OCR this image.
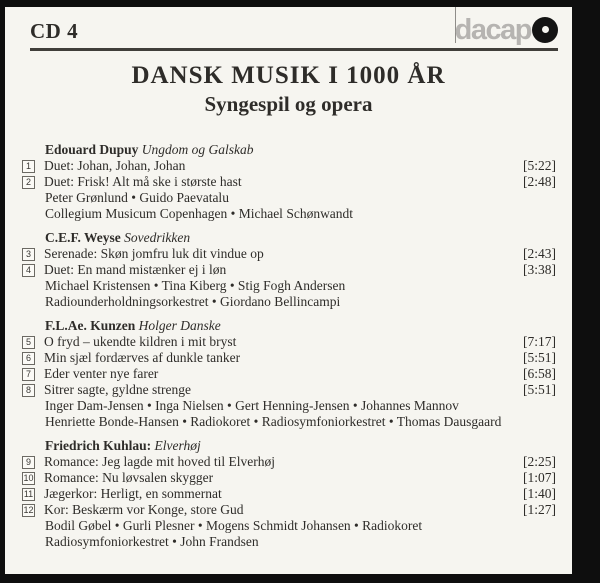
CD 4	dacap
DANSK MUSIK I 1000 ÅR
Syngespil og opera
Edouard Dupuy Ungdom og Galskab
1 Duet: Johan, Johan, Johan	[5:22]
2 Duet: Frisk! Alt må ske i største hast	[2:48]
Peter Grønlund • Guido Paevatalu
Collegium Musicum Copenhagen • Michael Schønwandt
C.E.F. Weyse Sovedrikken
3 Serenade: Skøn jomfru luk dit vindue op	[2:43]
4 Duet: En mand mistænker ej i løn	[3:38]
Michael Kristensen • Tina Kiberg • Stig Fogh Andersen
Radiounderholdningsorkestret • Giordano Bellincampi
F.L.Ae. Kunzen Holger Danske
5 O fryd – ukendte kildren i mit bryst	[7:17]
6 Min sjæl fordærves af dunkle tanker	[5:51]
7 Eder venter nye farer	[6:58]
8 Sitrer sagte, gyldne strenge	[5:51]
Inger Dam-Jensen • Inga Nielsen • Gert Henning-Jensen • Johannes Mannov
Henriette Bonde-Hansen • Radiokoret • Radiosymfoniorkestret • Thomas Dausgaard
Friedrich Kuhlau: Elverhøj
9 Romance: Jeg lagde mit hoved til Elverhøj	[2:25]
10 Romance: Nu løvsalen skygger	[1:07]
11 Jægerkor: Herligt, en sommernat	[1:40]
12 Kor: Beskærm vor Konge, store Gud	[1:27]
Bodil Gøbel • Gurli Plesner • Mogens Schmidt Johansen • Radiokoret
Radiosymfoniorkestret • John Frandsen
